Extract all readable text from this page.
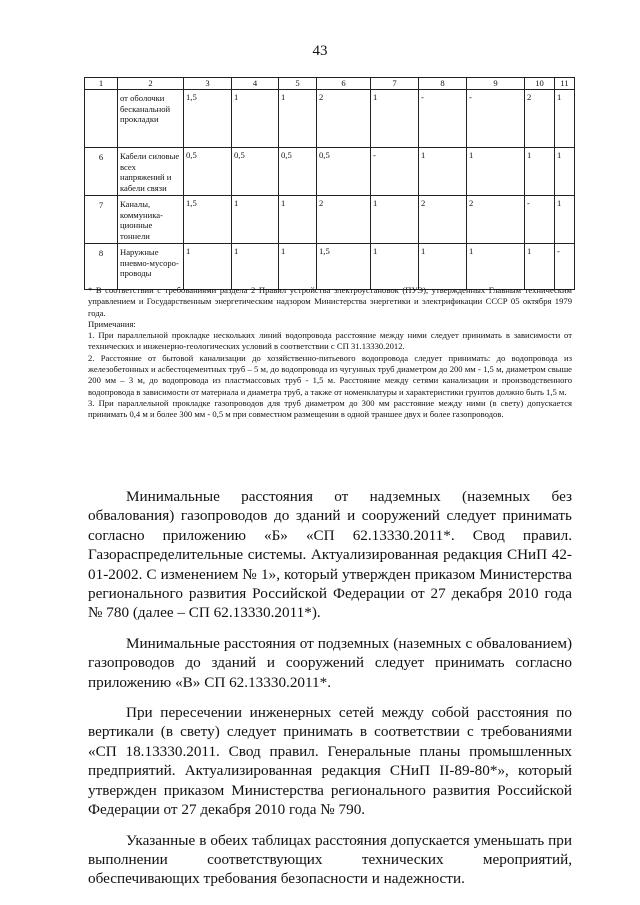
43
1	2	3	4	5	6	7	8	9	10	11
	от оболочки бесканальной прокладки	1,5	1	1	2	1	-	-	2	1
6	Кабели силовые всех напряжений и кабели связи	0,5	0,5	0,5	0,5	-	1	1	1	1
7	Каналы, коммуника-ционные тоннели	1,5	1	1	2	1	2	2	-	1
8	Наружные пневмо-мусоро-проводы	1	1	1	1,5	1	1	1	1	-

* В соответствии с требованиями раздела 2 Правил устройства электроустановок (ПУЭ), утвержденных Главным техническим управлением и Государственным энергетическим надзором Министерства энергетики и электрификации СССР 05 октября 1979 года.

Примечания:

1. При параллельной прокладке нескольких линий водопровода расстояние между ними следует принимать в зависимости от технических и инженерно-геологических условий в соответствии с СП 31.13330.2012.

2. Расстояние от бытовой канализации до хозяйственно-питьевого водопровода следует принимать: до водопровода из железобетонных и асбестоцементных труб – 5 м, до водопровода из чугунных труб диаметром до 200 мм - 1,5 м, диаметром свыше 200 мм – 3 м, до водопровода из пластмассовых труб - 1,5 м. Расстояние между сетями канализации и производственного водопровода в зависимости от материала и диаметра труб, а также от номенклатуры и характеристики грунтов должно быть 1,5 м.

3. При параллельной прокладке газопроводов для труб диаметром до 300 мм расстояние между ними (в свету) допускается принимать 0,4 м и более 300 мм - 0,5 м при совместном размещении в одной траншее двух и более газопроводов.

Минимальные расстояния от надземных (наземных без обвалования) газопроводов до зданий и сооружений следует принимать согласно приложению «Б» «СП 62.13330.2011*. Свод правил. Газораспределительные системы. Актуализированная редакция СНиП 42-01-2002. С изменением № 1», который утвержден приказом Министерства регионального развития Российской Федерации от 27 декабря 2010 года № 780 (далее – СП 62.13330.2011*).

Минимальные расстояния от подземных (наземных с обвалованием) газопроводов до зданий и сооружений следует принимать согласно приложению «В» СП 62.13330.2011*.

При пересечении инженерных сетей между собой расстояния по вертикали (в свету) следует принимать в соответствии с требованиями «СП 18.13330.2011. Свод правил. Генеральные планы промышленных предприятий. Актуализированная редакция СНиП II-89-80*», который утвержден приказом Министерства регионального развития Российской Федерации от 27 декабря 2010 года № 790.

Указанные в обеих таблицах расстояния допускается уменьшать при выполнении соответствующих технических мероприятий, обеспечивающих требования безопасности и надежности.
